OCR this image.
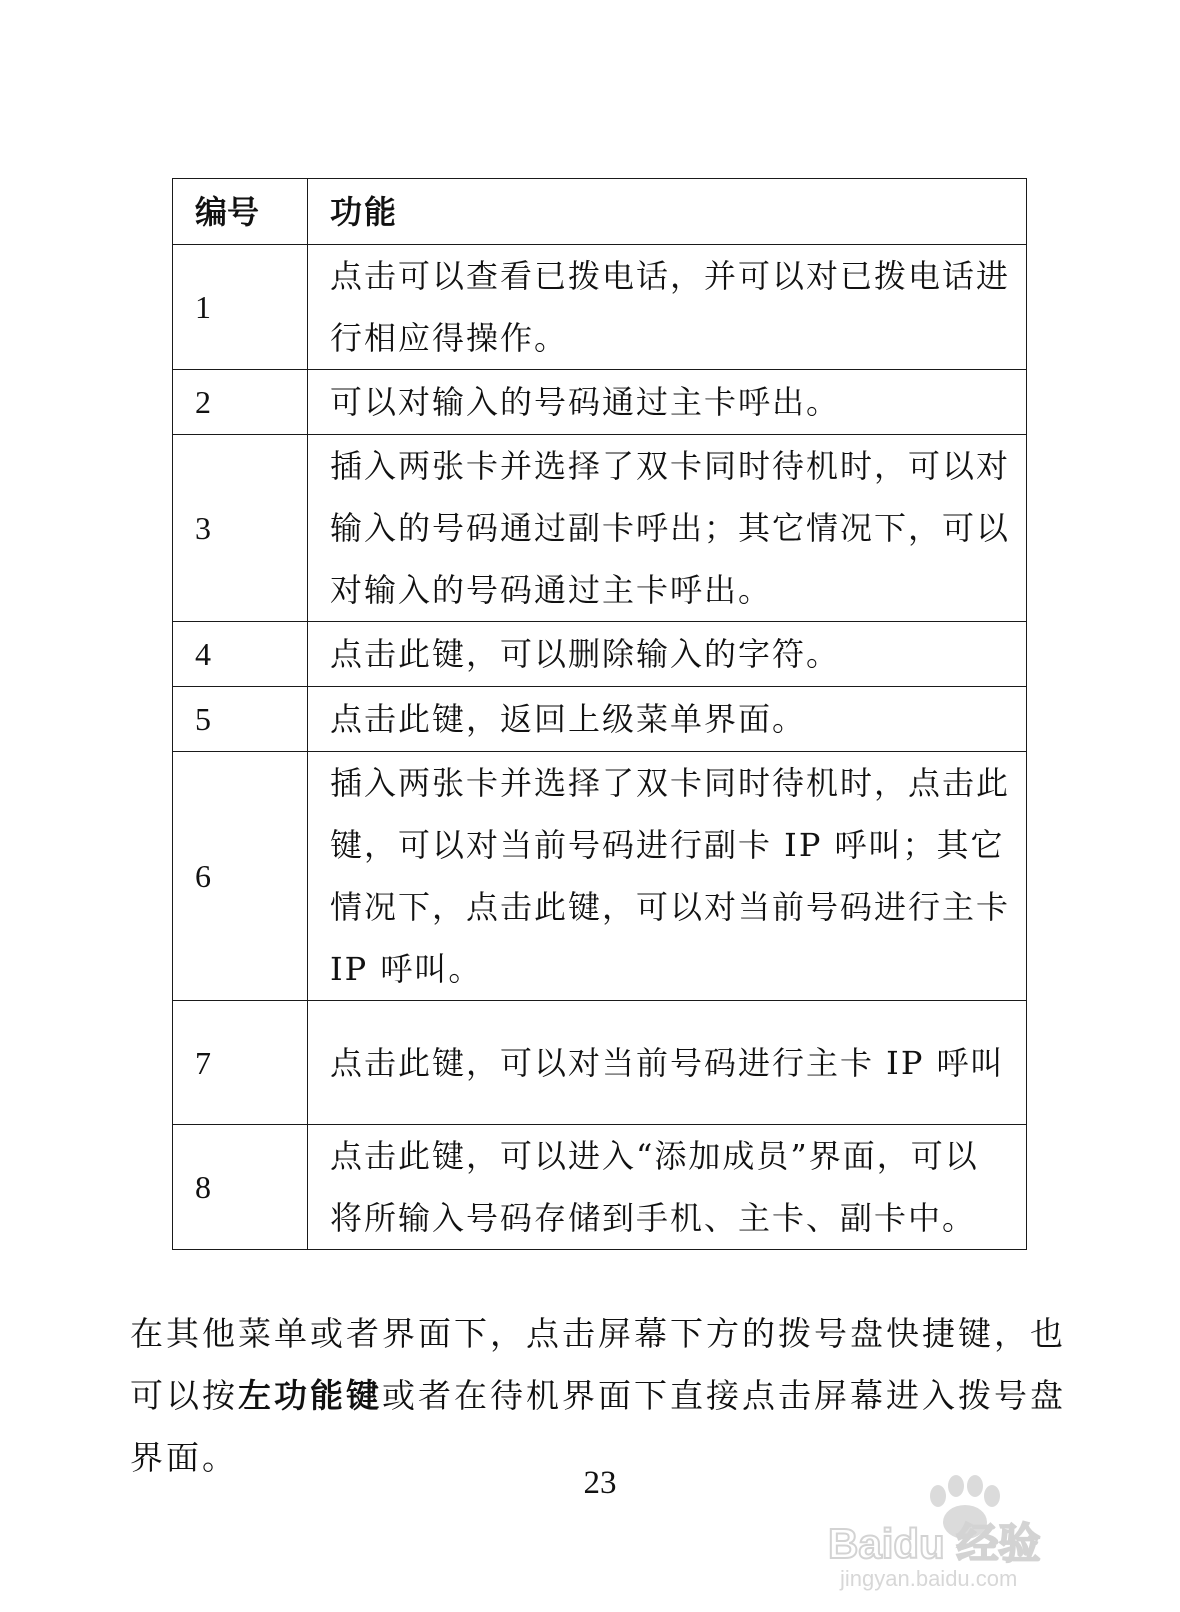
编号	功能
1	点击可以查看已拨电话，并可以对已拨电话进行相应得操作。
2	可以对输入的号码通过主卡呼出。
3	插入两张卡并选择了双卡同时待机时，可以对输入的号码通过副卡呼出；其它情况下，可以对输入的号码通过主卡呼出。
4	点击此键，可以删除输入的字符。
5	点击此键，返回上级菜单界面。
6	插入两张卡并选择了双卡同时待机时，点击此键，可以对当前号码进行副卡 IP 呼叫；其它情况下，点击此键，可以对当前号码进行主卡 IP 呼叫。
7	点击此键，可以对当前号码进行主卡 IP 呼叫
8	点击此键，可以进入“添加成员”界面，可以将所输入号码存储到手机、主卡、副卡中。

在其他菜单或者界面下，点击屏幕下方的拨号盘快捷键，也可以按左功能键或者在待机界面下直接点击屏幕进入拨号盘界面。

23
Baidu 经验
jingyan.baidu.com
